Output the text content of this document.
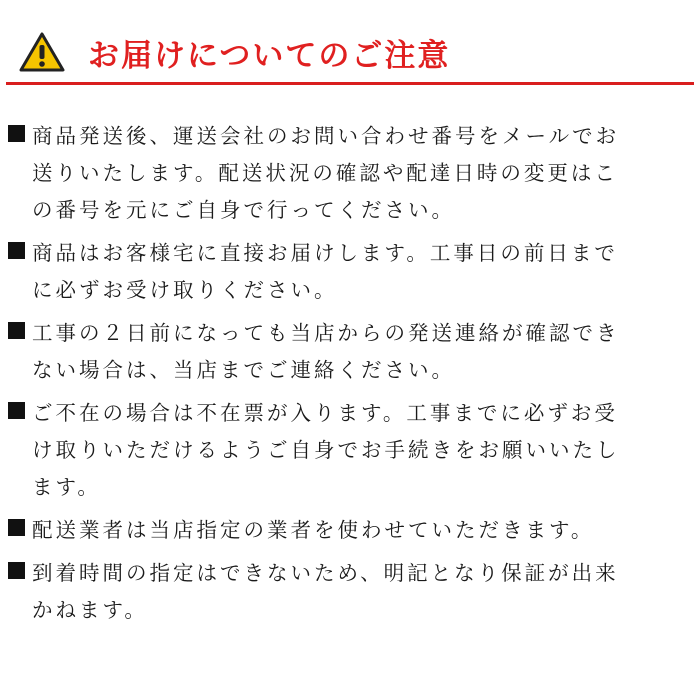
お届けについてのご注意
商品発送後、運送会社のお問い合わせ番号をメールでお
送りいたします。配送状況の確認や配達日時の変更はこ
の番号を元にご自身で行ってください。
商品はお客様宅に直接お届けします。工事日の前日まで
に必ずお受け取りください。
工事の２日前になっても当店からの発送連絡が確認でき
ない場合は、当店までご連絡ください。
ご不在の場合は不在票が入ります。工事までに必ずお受
け取りいただけるようご自身でお手続きをお願いいたし
ます。
配送業者は当店指定の業者を使わせていただきます。
到着時間の指定はできないため、明記となり保証が出来
かねます。
